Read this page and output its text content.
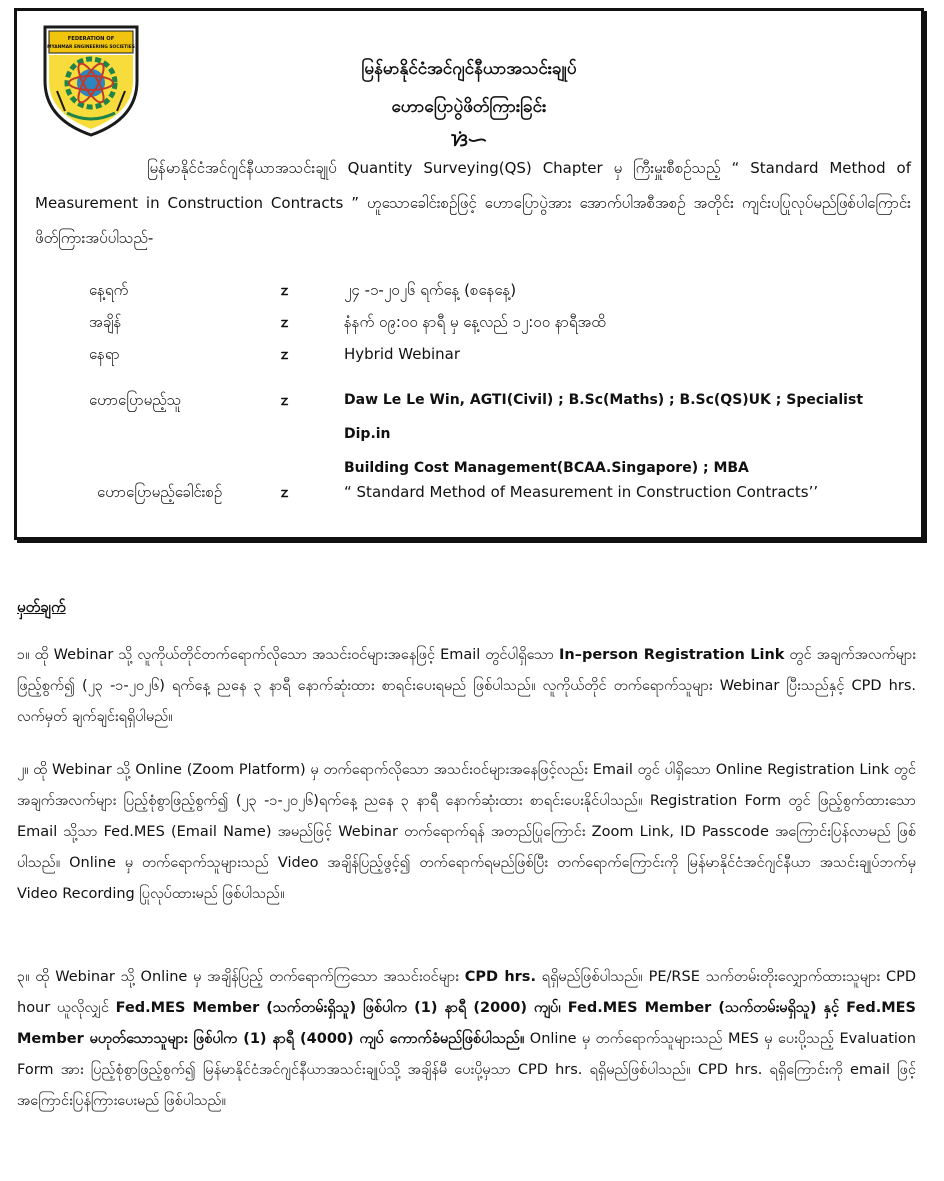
FEDERATION OF
MYANMAR ENGINEERING SOCIETIES
မြန်မာနိုင်ငံအင်ဂျင်နီယာအသင်းချုပ်
ဟောပြောပွဲဖိတ်ကြားခြင်း
ᜐᜒᜑ
မြန်မာနိုင်ငံအင်ဂျင်နီယာအသင်းချုပ် Quantity Surveying(QS) Chapter မှ ကြီးမှူးစီစဉ်သည့် “ Standard Method of Measurement in Construction Contracts ” ဟူသောခေါင်းစဉ်ဖြင့် ဟောပြောပွဲအား အောက်ပါအစီအစဉ် အတိုင်း ကျင်းပပြုလုပ်မည်ဖြစ်ပါကြောင်း ဖိတ်ကြားအပ်ပါသည်-
နေ့ရက်	ᤁ	၂၄ -၁-၂၀၂၆ ရက်နေ့ (စနေနေ့)
အချိန်	ᤁ	နံနက် ၀၉:၀၀ နာရီ မှ နေ့လည် ၁၂:၀၀ နာရီအထိ
နေရာ	ᤁ	Hybrid Webinar
ဟောပြောမည့်သူ	ᤁ	Daw Le Le Win, AGTI(Civil) ; B.Sc(Maths) ; B.Sc(QS)UK ; Specialist Dip.in
Building Cost Management(BCAA.Singapore) ; MBA
ဟောပြောမည့်ခေါင်းစဉ်	ᤁ	“ Standard Method of Measurement in Construction Contracts’’
မှတ်ချက်
၁။ ထို Webinar သို့ လူကိုယ်တိုင်တက်ရောက်လိုသော အသင်းဝင်များအနေဖြင့် Email တွင်ပါရှိသော In–person Registration Link တွင် အချက်အလက်များ ဖြည့်စွက်၍ (၂၃ -၁-၂၀၂၆) ရက်နေ့ ညနေ ၃ နာရီ နောက်ဆုံးထား စာရင်းပေးရမည် ဖြစ်ပါသည်။ လူကိုယ်တိုင် တက်ရောက်သူများ Webinar ပြီးသည်နှင့် CPD hrs. လက်မှတ် ချက်ချင်းရရှိပါမည်။
၂။ ထို Webinar သို့ Online (Zoom Platform) မှ တက်ရောက်လိုသော အသင်းဝင်များအနေဖြင့်လည်း Email တွင် ပါရှိသော Online Registration Link တွင် အချက်အလက်များ ပြည့်စုံစွာဖြည့်စွက်၍ (၂၃ -၁-၂၀၂၆)ရက်နေ့ ညနေ ၃ နာရီ နောက်ဆုံးထား စာရင်းပေးနိုင်ပါသည်။ Registration Form တွင် ဖြည့်စွက်ထားသော Email သို့သာ Fed.MES (Email Name) အမည်ဖြင့် Webinar တက်ရောက်ရန် အတည်ပြုကြောင်း Zoom Link, ID Passcode အကြောင်းပြန်လာမည် ဖြစ်ပါသည်။ Online မှ တက်ရောက်သူများသည် Video အချိန်ပြည့်ဖွင့်၍ တက်ရောက်ရမည်ဖြစ်ပြီး တက်ရောက်ကြောင်းကို မြန်မာနိုင်ငံအင်ဂျင်နီယာ အသင်းချုပ်ဘက်မှ Video Recording ပြုလုပ်ထားမည် ဖြစ်ပါသည်။
၃။ ထို Webinar သို့ Online မှ အချိန်ပြည့် တက်ရောက်ကြသော အသင်းဝင်များ CPD hrs. ရရှိမည်ဖြစ်ပါသည်။ PE/RSE သက်တမ်းတိုးလျှောက်ထားသူများ CPD hour ယူလိုလျှင် Fed.MES Member (သက်တမ်းရှိသူ) ဖြစ်ပါက (1) နာရီ (2000) ကျပ်၊ Fed.MES Member (သက်တမ်းမရှိသူ) နှင့် Fed.MES Member မဟုတ်သောသူများ ဖြစ်ပါက (1) နာရီ (4000) ကျပ် ကောက်ခံမည်ဖြစ်ပါသည်။ Online မှ တက်ရောက်သူများသည် MES မှ ပေးပို့သည့် Evaluation Form အား ပြည့်စုံစွာဖြည့်စွက်၍ မြန်မာနိုင်ငံအင်ဂျင်နီယာအသင်းချုပ်သို့ အချိန်မီ ပေးပို့မှသာ CPD hrs. ရရှိမည်ဖြစ်ပါသည်။ CPD hrs. ရရှိကြောင်းကို email ဖြင့် အကြောင်းပြန်ကြားပေးမည် ဖြစ်ပါသည်။
